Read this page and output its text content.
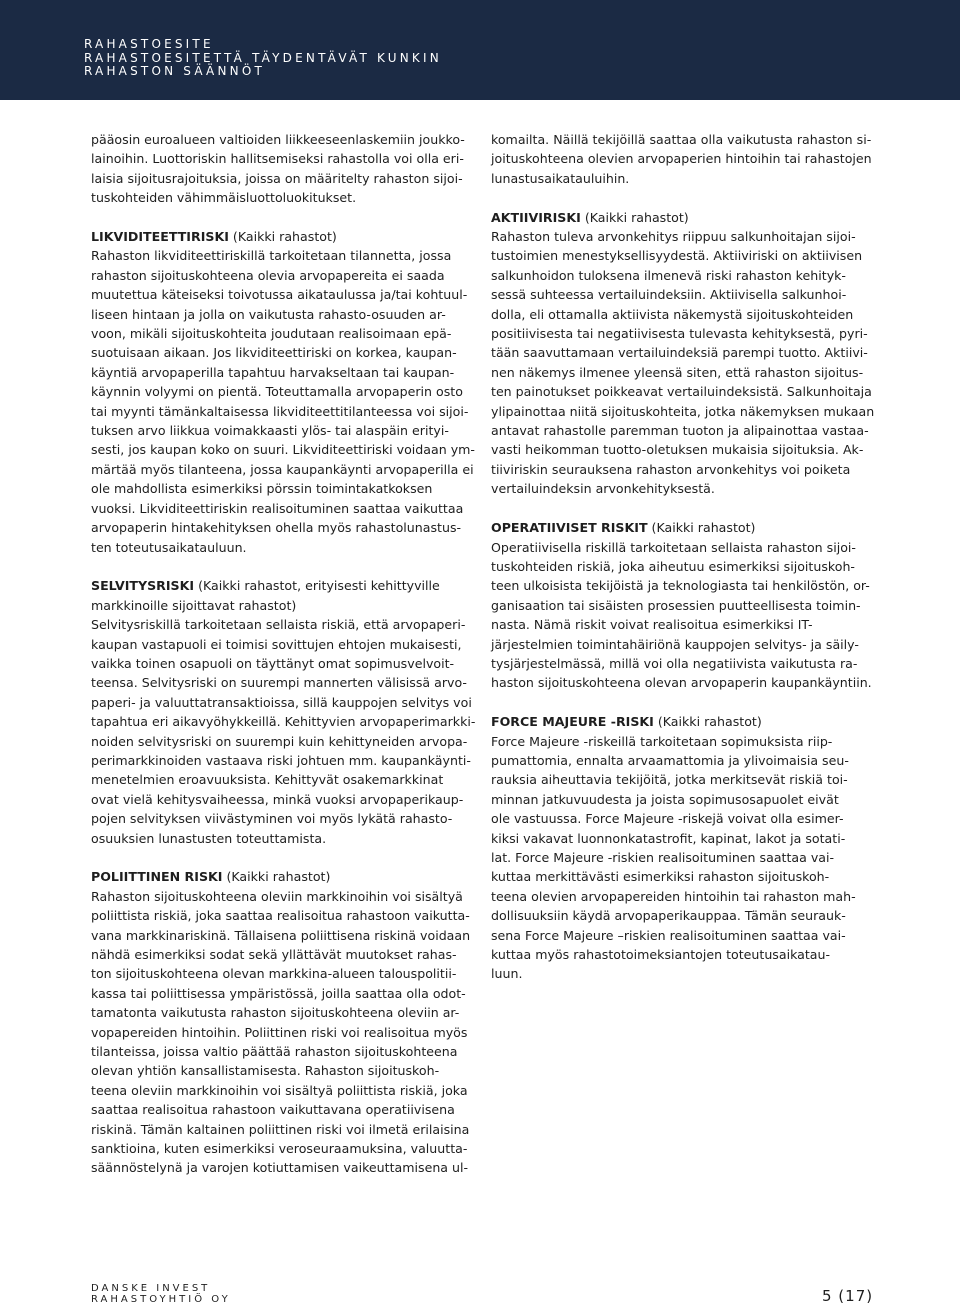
RAHASTOESITE
RAHASTOESITETTÄ TÄYDENTÄVÄT KUNKIN
RAHASTON SÄÄNNÖT

pääosin euroalueen valtioiden liikkeeseenlaskemiin joukko-
lainoihin. Luottoriskin hallitsemiseksi rahastolla voi olla eri-
laisia sijoitusrajoituksia, joissa on määritelty rahaston sijoi-
tuskohteiden vähimmäisluottoluokitukset.

LIKVIDITEETTIRISKI (Kaikki rahastot)

Rahaston likviditeettiriskillä tarkoitetaan tilannetta, jossa
rahaston sijoituskohteena olevia arvopapereita ei saada
muutettua käteiseksi toivotussa aikataulussa ja/tai kohtuul-
liseen hintaan ja jolla on vaikutusta rahasto-osuuden ar-
voon, mikäli sijoituskohteita joudutaan realisoimaan epä-
suotuisaan aikaan. Jos likviditeettiriski on korkea, kaupan-
käyntiä arvopaperilla tapahtuu harvakseltaan tai kaupan-
käynnin volyymi on pientä. Toteuttamalla arvopaperin osto
tai myynti tämänkaltaisessa likviditeettitilanteessa voi sijoi-
tuksen arvo liikkua voimakkaasti ylös- tai alaspäin erityi-
sesti, jos kaupan koko on suuri. Likviditeettiriski voidaan ym-
märtää myös tilanteena, jossa kaupankäynti arvopaperilla ei
ole mahdollista esimerkiksi pörssin toimintakatkoksen
vuoksi. Likviditeettiriskin realisoituminen saattaa vaikuttaa
arvopaperin hintakehityksen ohella myös rahastolunastus-
ten toteutusaikatauluun.

SELVITYSRISKI (Kaikki rahastot, erityisesti kehittyville
markkinoille sijoittavat rahastot)

Selvitysriskillä tarkoitetaan sellaista riskiä, että arvopaperi-
kaupan vastapuoli ei toimisi sovittujen ehtojen mukaisesti,
vaikka toinen osapuoli on täyttänyt omat sopimusvelvoit-
teensa. Selvitysriski on suurempi mannerten välisissä arvo-
paperi- ja valuuttatransaktioissa, sillä kauppojen selvitys voi
tapahtua eri aikavyöhykkeillä. Kehittyvien arvopaperimarkki-
noiden selvitysriski on suurempi kuin kehittyneiden arvopa-
perimarkkinoiden vastaava riski johtuen mm. kaupankäynti-
menetelmien eroavuuksista. Kehittyvät osakemarkkinat
ovat vielä kehitysvaiheessa, minkä vuoksi arvopaperikaup-
pojen selvityksen viivästyminen voi myös lykätä rahasto-
osuuksien lunastusten toteuttamista.

POLIITTINEN RISKI (Kaikki rahastot)

Rahaston sijoituskohteena oleviin markkinoihin voi sisältyä
poliittista riskiä, joka saattaa realisoitua rahastoon vaikutta-
vana markkinariskinä. Tällaisena poliittisena riskinä voidaan
nähdä esimerkiksi sodat sekä yllättävät muutokset rahas-
ton sijoituskohteena olevan markkina-alueen talouspolitii-
kassa tai poliittisessa ympäristössä, joilla saattaa olla odot-
tamatonta vaikutusta rahaston sijoituskohteena oleviin ar-
vopapereiden hintoihin. Poliittinen riski voi realisoitua myös
tilanteissa, joissa valtio päättää rahaston sijoituskohteena
olevan yhtiön kansallistamisesta. Rahaston sijoituskoh-
teena oleviin markkinoihin voi sisältyä poliittista riskiä, joka
saattaa realisoitua rahastoon vaikuttavana operatiivisena
riskinä. Tämän kaltainen poliittinen riski voi ilmetä erilaisina
sanktioina, kuten esimerkiksi veroseuraamuksina, valuutta-
säännöstelynä ja varojen kotiuttamisen vaikeuttamisena ul-

komailta. Näillä tekijöillä saattaa olla vaikutusta rahaston si-
joituskohteena olevien arvopaperien hintoihin tai rahastojen
lunastusaikatauluihin.

AKTIIVIRISKI (Kaikki rahastot)

Rahaston tuleva arvonkehitys riippuu salkunhoitajan sijoi-
tustoimien menestyksellisyydestä. Aktiiviriski on aktiivisen
salkunhoidon tuloksena ilmenevä riski rahaston kehityk-
sessä suhteessa vertailuindeksiin. Aktiivisella salkunhoi-
dolla, eli ottamalla aktiivista näkemystä sijoituskohteiden
positiivisesta tai negatiivisesta tulevasta kehityksestä, pyri-
tään saavuttamaan vertailuindeksiä parempi tuotto. Aktiivi-
nen näkemys ilmenee yleensä siten, että rahaston sijoitus-
ten painotukset poikkeavat vertailuindeksistä. Salkunhoitaja
ylipainottaa niitä sijoituskohteita, jotka näkemyksen mukaan
antavat rahastolle paremman tuoton ja alipainottaa vastaa-
vasti heikomman tuotto-oletuksen mukaisia sijoituksia. Ak-
tiiviriskin seurauksena rahaston arvonkehitys voi poiketa
vertailuindeksin arvonkehityksestä.

OPERATIIVISET RISKIT (Kaikki rahastot)

Operatiivisella riskillä tarkoitetaan sellaista rahaston sijoi-
tuskohteiden riskiä, joka aiheutuu esimerkiksi sijoituskoh-
teen ulkoisista tekijöistä ja teknologiasta tai henkilöstön, or-
ganisaation tai sisäisten prosessien puutteellisesta toimin-
nasta. Nämä riskit voivat realisoitua esimerkiksi IT-
järjestelmien toimintahäiriönä kauppojen selvitys- ja säily-
tysjärjestelmässä, millä voi olla negatiivista vaikutusta ra-
haston sijoituskohteena olevan arvopaperin kaupankäyntiin.

FORCE MAJEURE -RISKI (Kaikki rahastot)

Force Majeure -riskeillä tarkoitetaan sopimuksista riip-
pumattomia, ennalta arvaamattomia ja ylivoimaisia seu-
rauksia aiheuttavia tekijöitä, jotka merkitsevät riskiä toi-
minnan jatkuvuudesta ja joista sopimusosapuolet eivät
ole vastuussa. Force Majeure -riskejä voivat olla esimer-
kiksi vakavat luonnonkatastrofit, kapinat, lakot ja sotati-
lat. Force Majeure -riskien realisoituminen saattaa vai-
kuttaa merkittävästi esimerkiksi rahaston sijoituskoh-
teena olevien arvopapereiden hintoihin tai rahaston mah-
dollisuuksiin käydä arvopaperikauppaa. Tämän seurauk-
sena Force Majeure –riskien realisoituminen saattaa vai-
kuttaa myös rahastotoimeksiantojen toteutusaikatau-
luun.

DANSKE INVEST
RAHASTOYHTIÖ OY	5 (17)
